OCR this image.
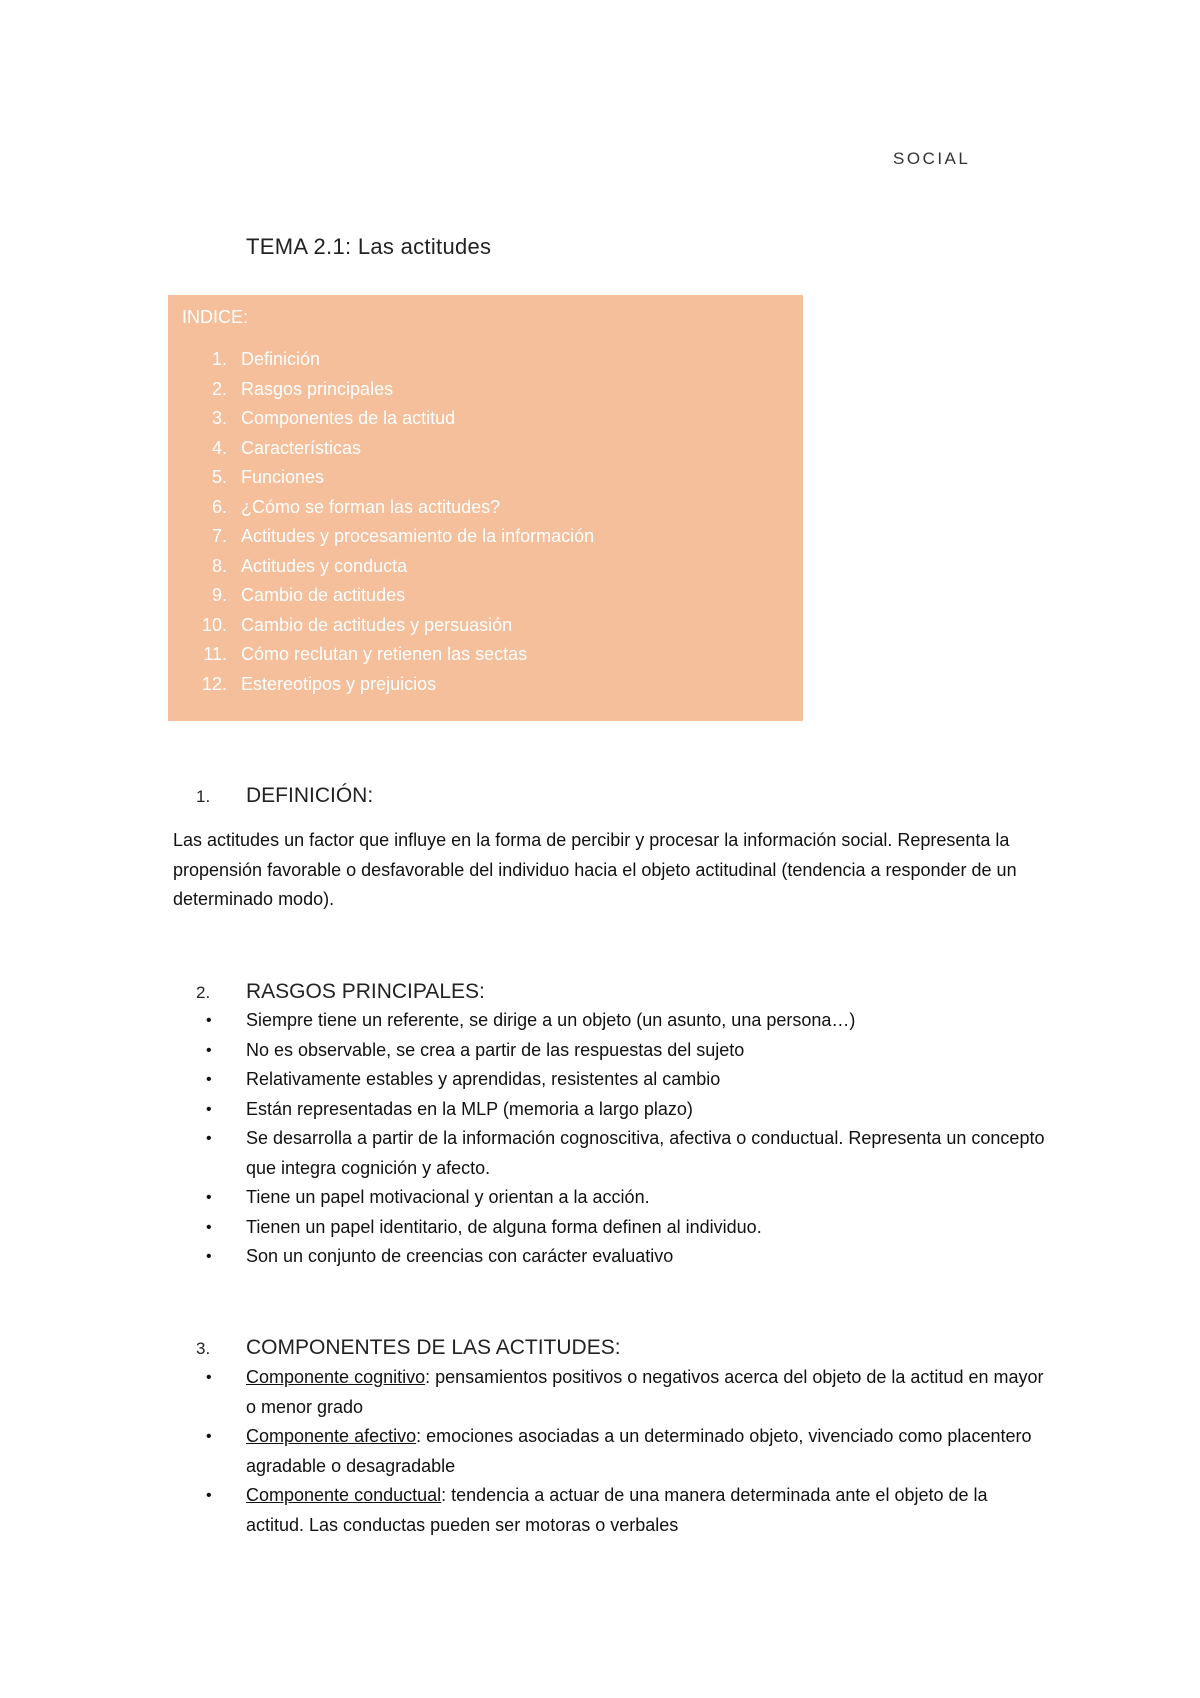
SOCIAL
TEMA 2.1: Las actitudes
INDICE:
1. Definición
2. Rasgos principales
3. Componentes de la actitud
4. Características
5. Funciones
6. ¿Cómo se forman las actitudes?
7. Actitudes y procesamiento de la información
8. Actitudes y conducta
9. Cambio de actitudes
10. Cambio de actitudes y persuasión
11. Cómo reclutan y retienen las sectas
12. Estereotipos y prejuicios
1.	DEFINICIÓN:

Las actitudes un factor que influye en la forma de percibir y procesar la información social. Representa la propensión favorable o desfavorable del individuo hacia el objeto actitudinal (tendencia a responder de un determinado modo).

2.	RASGOS PRINCIPALES:
•	Siempre tiene un referente, se dirige a un objeto (un asunto, una persona…)
•	No es observable, se crea a partir de las respuestas del sujeto
•	Relativamente estables y aprendidas, resistentes al cambio
•	Están representadas en la MLP (memoria a largo plazo)
•	Se desarrolla a partir de la información cognoscitiva, afectiva o conductual. Representa un concepto que integra cognición y afecto.
•	Tiene un papel motivacional y orientan a la acción.
•	Tienen un papel identitario, de alguna forma definen al individuo.
•	Son un conjunto de creencias con carácter evaluativo
3.	COMPONENTES DE LAS ACTITUDES:
•	Componente cognitivo: pensamientos positivos o negativos acerca del objeto de la actitud en mayor o menor grado
•	Componente afectivo: emociones asociadas a un determinado objeto, vivenciado como placentero agradable o desagradable
•	Componente conductual: tendencia a actuar de una manera determinada ante el objeto de la actitud. Las conductas pueden ser motoras o verbales
